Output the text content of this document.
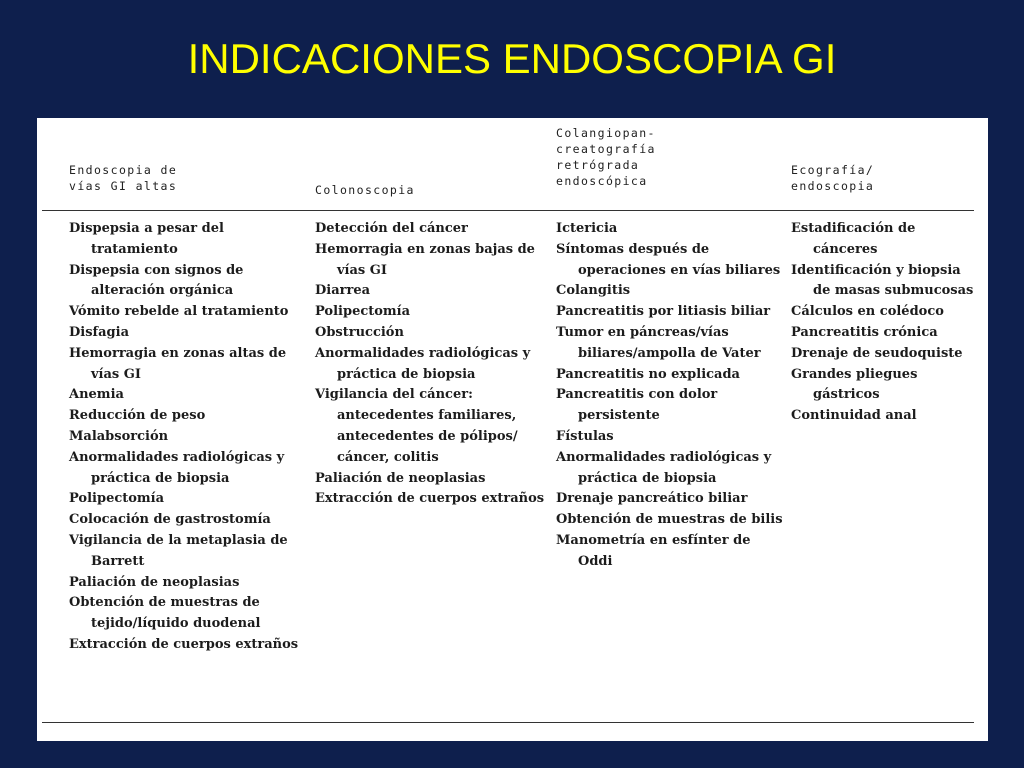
INDICACIONES ENDOSCOPIA GI
Endoscopia de
vías GI altas	Colonoscopia
Colangiopan-
creatografía
retrógrada
endoscópica
Ecografía/
endoscopia
Dispepsia a pesar del tratamiento
Dispepsia con signos de alteración orgánica
Vómito rebelde al tratamiento
Disfagia
Hemorragia en zonas altas de vías GI
Anemia
Reducción de peso
Malabsorción
Anormalidades radiológicas y práctica de biopsia
Polipectomía
Colocación de gastrostomía
Vigilancia de la metaplasia de Barrett
Paliación de neoplasias
Obtención de muestras de tejido/líquido duodenal
Extracción de cuerpos extraños
Detección del cáncer
Hemorragia en zonas bajas de vías GI
Diarrea
Polipectomía
Obstrucción
Anormalidades radiológicas y práctica de biopsia
Vigilancia del cáncer: antecedentes familiares, antecedentes de pólipos/ cáncer, colitis
Paliación de neoplasias
Extracción de cuerpos extraños
Ictericia
Síntomas después de operaciones en vías biliares
Colangitis
Pancreatitis por litiasis biliar
Tumor en páncreas/vías biliares/ampolla de Vater
Pancreatitis no explicada
Pancreatitis con dolor persistente
Fístulas
Anormalidades radiológicas y práctica de biopsia
Drenaje pancreático biliar
Obtención de muestras de bilis
Manometría en esfínter de Oddi
Estadificación de cánceres
Identificación y biopsia de masas submucosas
Cálculos en colédoco
Pancreatitis crónica
Drenaje de seudoquiste
Grandes pliegues gástricos
Continuidad anal
